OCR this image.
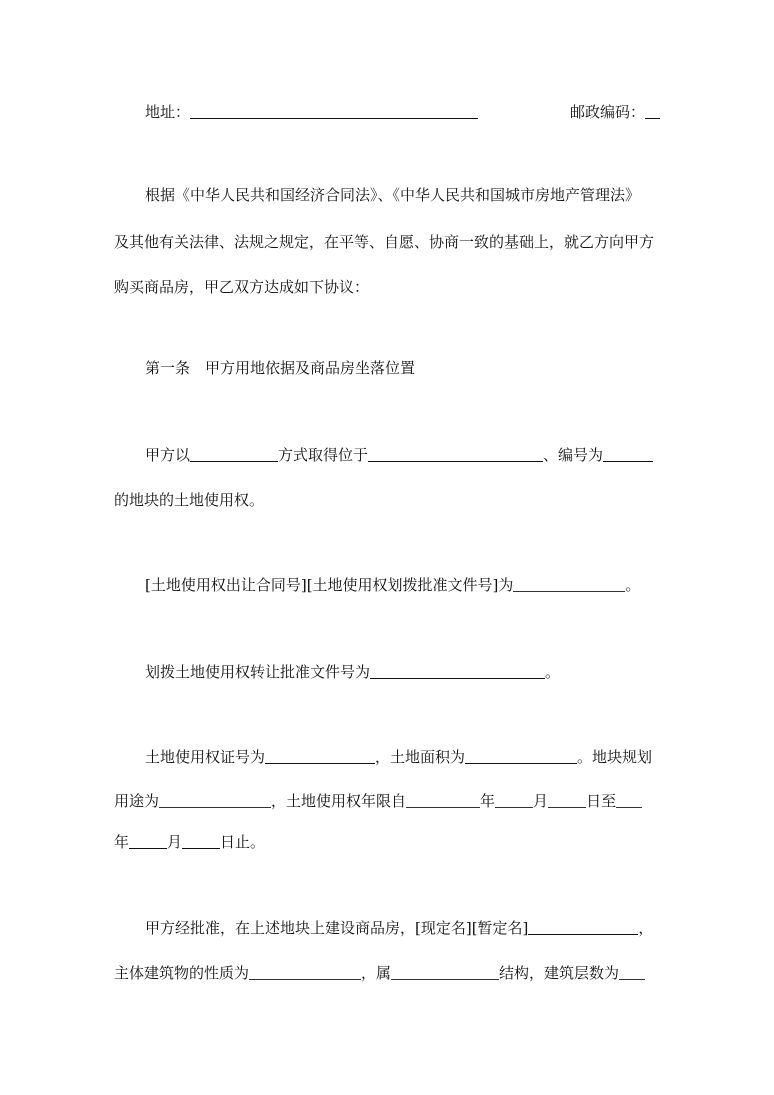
地址：	邮政编码：
根据《中华人民共和国经济合同法》、《中华人民共和国城市房地产管理法》
及其他有关法律、法规之规定，在平等、自愿、协商一致的基础上，就乙方向甲方
购买商品房，甲乙双方达成如下协议：
第一条　甲方用地依据及商品房坐落位置
甲方以	方式取得位于	、编号为
的地块的土地使用权。
[土地使用权出让合同号][土地使用权划拨批准文件号]为	。
划拨土地使用权转让批准文件号为	。
土地使用权证号为	，土地面积为	。地块规划
用途为	，土地使用权年限自	年	月	日至
年	月	日止。
甲方经批准，在上述地块上建设商品房，[现定名][暂定名]	，
主体建筑物的性质为	，属	结构，建筑层数为
